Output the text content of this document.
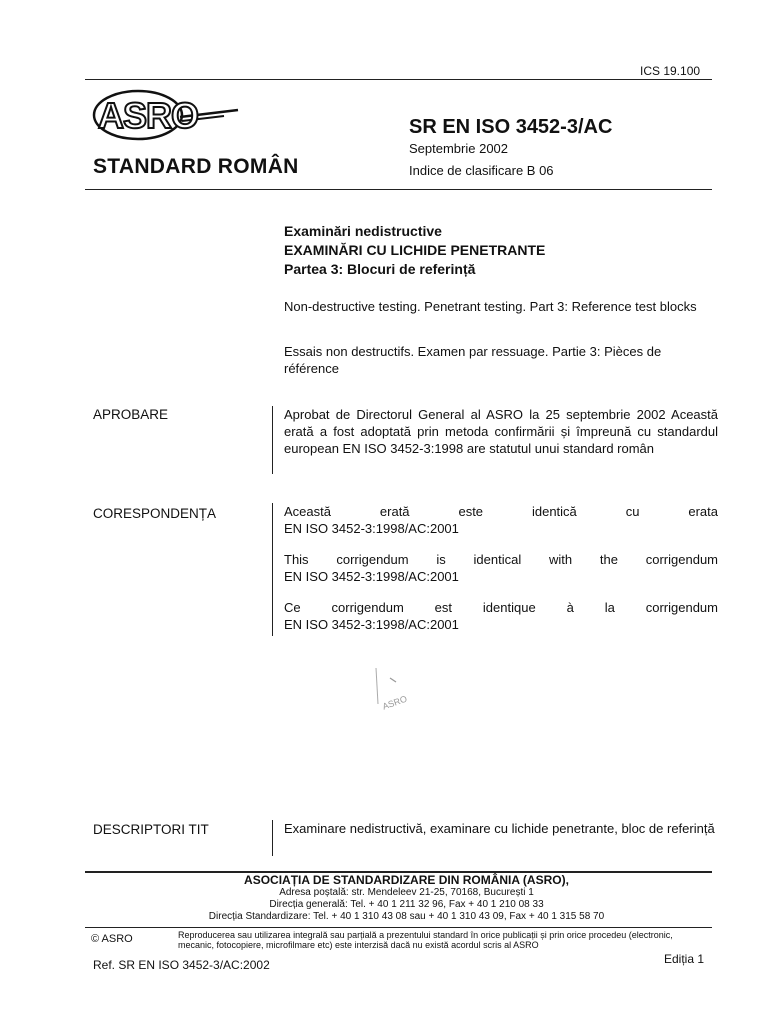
ICS 19.100
ASRO
STANDARD ROMÂN
SR EN ISO 3452-3/AC
Septembrie 2002
Indice de clasificare B 06
Examinări nedistructive
EXAMINĂRI CU LICHIDE PENETRANTE
Partea 3: Blocuri de referință
Non-destructive testing. Penetrant testing. Part 3: Reference test blocks
Essais non destructifs. Examen par ressuage. Partie 3: Pièces de référence
APROBARE	Aprobat de Directorul General al ASRO la 25 septembrie 2002 Această erată a fost adoptată prin metoda confirmării și împreună cu standardul european EN ISO 3452-3:1998 are statutul unui standard român

CORESPONDENȚA	Această erată este identică cu erata
EN ISO 3452-3:1998/AC:2001

This corrigendum is identical with the corrigendum
EN ISO 3452-3:1998/AC:2001

Ce corrigendum est identique à la corrigendum
EN ISO 3452-3:1998/AC:2001

ASRO
DESCRIPTORI TIT	Examinare nedistructivă, examinare cu lichide penetrante, bloc de referință

ASOCIAȚIA DE STANDARDIZARE DIN ROMÂNIA (ASRO),
Adresa poștală: str. Mendeleev 21-25, 70168, București 1
Direcția generală: Tel. + 40 1 211 32 96, Fax + 40 1 210 08 33
Direcția Standardizare: Tel. + 40 1 310 43 08 sau + 40 1 310 43 09, Fax + 40 1 315 58 70
© ASRO	Reproducerea sau utilizarea integrală sau parțială a prezentului standard în orice publicații și prin orice procedeu (electronic, mecanic, fotocopiere, microfilmare etc) este interzisă dacă nu există acordul scris al ASRO
Ref. SR EN ISO 3452-3/AC:2002	Ediția 1
